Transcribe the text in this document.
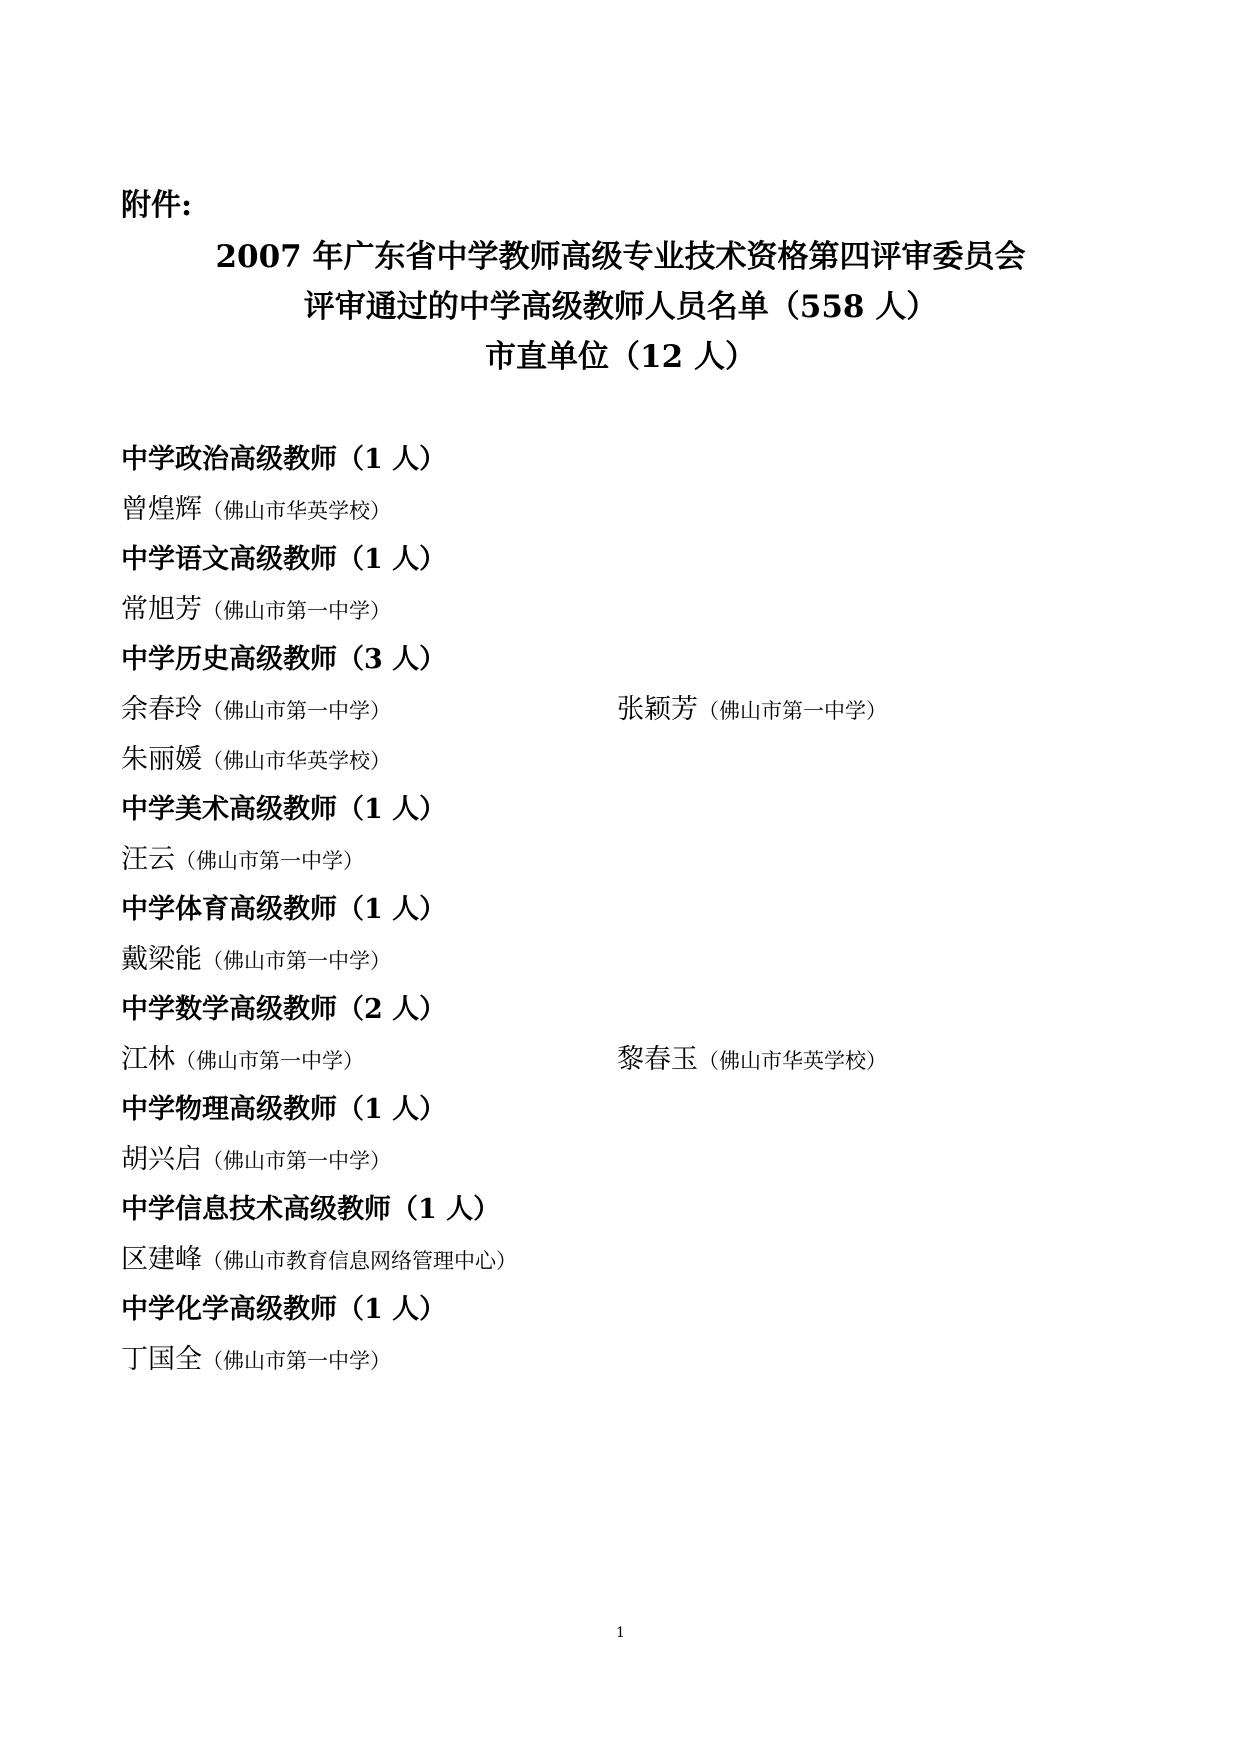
附件:
2007 年广东省中学教师高级专业技术资格第四评审委员会
评审通过的中学高级教师人员名单（558 人）
市直单位（12 人）
中学政治高级教师（1 人）
曾煌辉（佛山市华英学校）
中学语文高级教师（1 人）
常旭芳（佛山市第一中学）
中学历史高级教师（3 人）
余春玲（佛山市第一中学）	张颖芳（佛山市第一中学）
朱丽媛（佛山市华英学校）
中学美术高级教师（1 人）
汪云（佛山市第一中学）
中学体育高级教师（1 人）
戴梁能（佛山市第一中学）
中学数学高级教师（2 人）
江林（佛山市第一中学）	黎春玉（佛山市华英学校）
中学物理高级教师（1 人）
胡兴启（佛山市第一中学）
中学信息技术高级教师（1 人）
区建峰（佛山市教育信息网络管理中心）
中学化学高级教师（1 人）
丁国全（佛山市第一中学）
1
